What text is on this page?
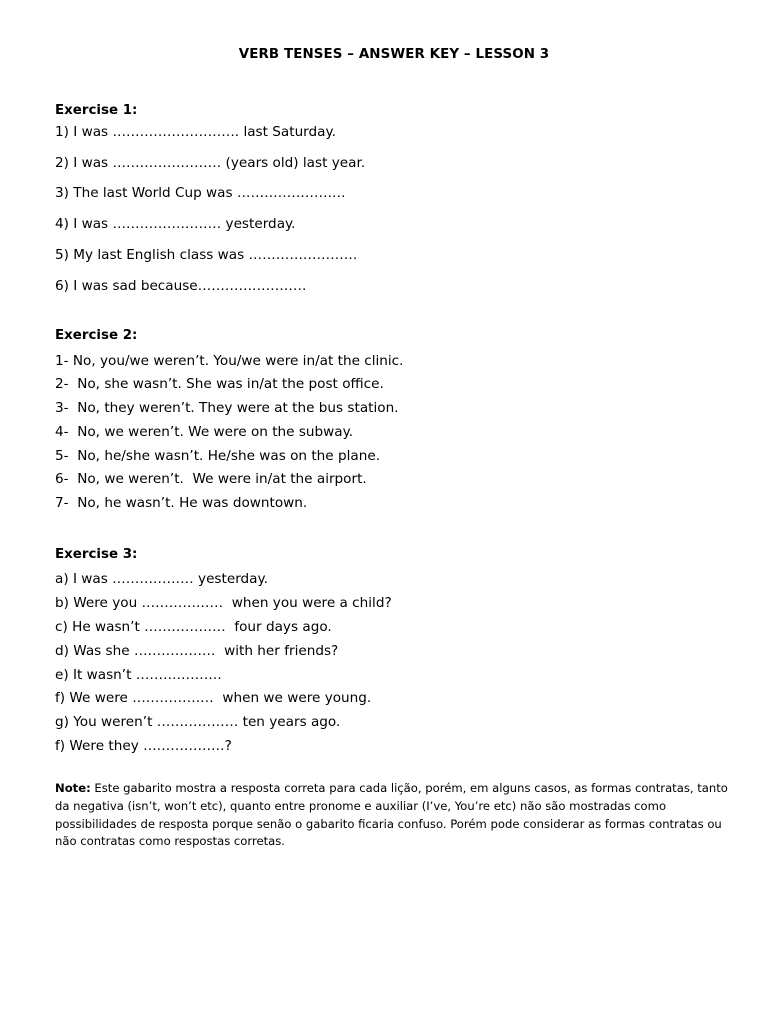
VERB TENSES – ANSWER KEY – LESSON 3
Exercise 1:
1) I was ………………………. last Saturday.
2) I was …………………… (years old) last year.
3) The last World Cup was ……………………
4) I was …………………… yesterday.
5) My last English class was ……………………
6) I was sad because……………………
Exercise 2:
1- No, you/we weren’t. You/we were in/at the clinic.
2-  No, she wasn’t. She was in/at the post office.
3-  No, they weren’t. They were at the bus station.
4-  No, we weren’t. We were on the subway.
5-  No, he/she wasn’t. He/she was on the plane.
6-  No, we weren’t.  We were in/at the airport.
7-  No, he wasn’t. He was downtown.
Exercise 3:
a) I was ……………… yesterday.
b) Were you ………………  when you were a child?
c) He wasn’t ………………  four days ago.
d) Was she ………………  with her friends?
e) It wasn’t ……………….
f) We were ………………  when we were young.
g) You weren’t ……………… ten years ago.
f) Were they ………………?
Note: Este gabarito mostra a resposta correta para cada lição, porém, em alguns casos, as formas contratas, tanto da negativa (isn’t, won’t etc), quanto entre pronome e auxiliar (I’ve, You’re etc) não são mostradas como possibilidades de resposta porque senão o gabarito ficaria confuso. Porém pode considerar as formas contratas ou não contratas como respostas corretas.
